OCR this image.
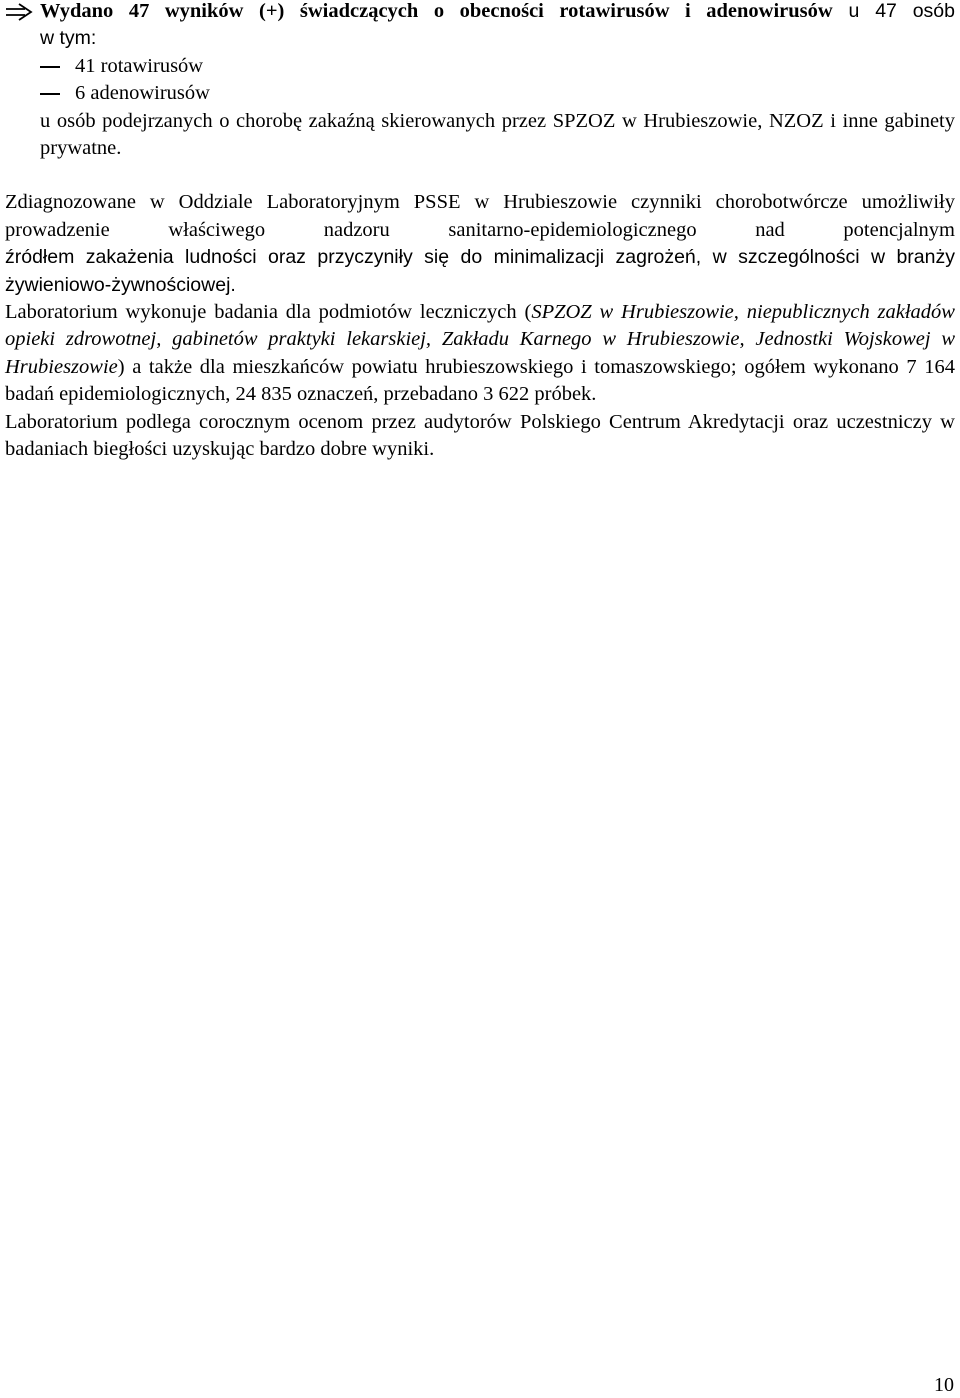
Wydano 47 wyników (+) świadczących o obecności rotawirusów i adenowirusów u 47 osób
w tym:
41 rotawirusów
6 adenowirusów
u osób podejrzanych o chorobę zakaźną skierowanych przez SPZOZ w Hrubieszowie, NZOZ i inne gabinety prywatne.
Zdiagnozowane w Oddziale Laboratoryjnym PSSE w Hrubieszowie czynniki chorobotwórcze umożliwiły prowadzenie właściwego nadzoru sanitarno-epidemiologicznego nad potencjalnym
źródłem zakażenia ludności oraz przyczyniły się do minimalizacji zagrożeń, w szczególności w branży żywieniowo-żywnościowej.
Laboratorium wykonuje badania dla podmiotów leczniczych (SPZOZ w Hrubieszowie, niepublicznych zakładów opieki zdrowotnej, gabinetów praktyki lekarskiej, Zakładu Karnego w Hrubieszowie, Jednostki Wojskowej w Hrubieszowie) a także dla mieszkańców powiatu hrubieszowskiego i tomaszowskiego; ogółem wykonano 7 164 badań epidemiologicznych, 24 835 oznaczeń, przebadano 3 622 próbek.
Laboratorium podlega corocznym ocenom przez audytorów Polskiego Centrum Akredytacji oraz uczestniczy w badaniach biegłości uzyskując bardzo dobre wyniki.
10
